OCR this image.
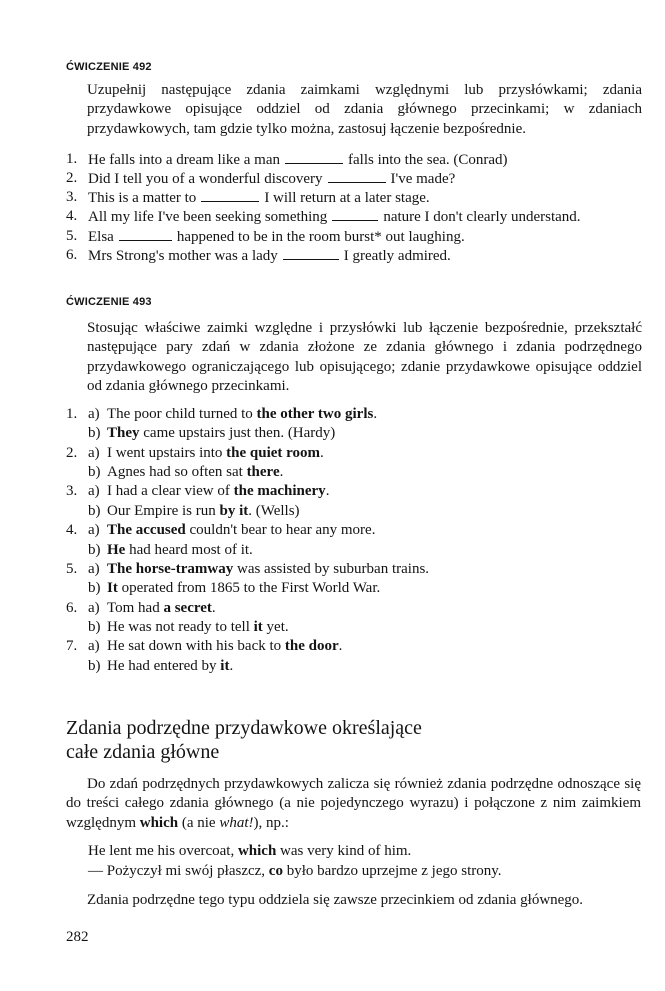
ĆWICZENIE 492
Uzupełnij następujące zdania zaimkami względnymi lub przysłówkami; zdania przydawkowe opisujące oddziel od zdania głównego przecinkami; w zdaniach przydawkowych, tam gdzie tylko można, zastosuj łączenie bezpośrednie.
1. He falls into a dream like a man	falls into the sea. (Conrad)
2. Did I tell you of a wonderful discovery	I've made?
3. This is a matter to	I will return at a later stage.
4. All my life I've been seeking something	nature I don't clearly understand.
5. Elsa	happened to be in the room burst* out laughing.
6. Mrs Strong's mother was a lady	I greatly admired.
ĆWICZENIE 493
Stosując właściwe zaimki względne i przysłówki lub łączenie bezpośrednie, przekształć następujące pary zdań w zdania złożone ze zdania głównego i zdania podrzędnego przydawkowego ograniczającego lub opisującego; zdanie przydawkowe opisujące oddziel od zdania głównego przecinkami.
1. a) The poor child turned to the other two girls.
b) They came upstairs just then. (Hardy)
2. a) I went upstairs into the quiet room.
b) Agnes had so often sat there.
3. a) I had a clear view of the machinery.
b) Our Empire is run by it. (Wells)
4. a) The accused couldn't bear to hear any more.
b) He had heard most of it.
5. a) The horse-tramway was assisted by suburban trains.
b) It operated from 1865 to the First World War.
6. a) Tom had a secret.
b) He was not ready to tell it yet.
7. a) He sat down with his back to the door.
b) He had entered by it.
Zdania podrzędne przydawkowe określające
całe zdania główne
Do zdań podrzędnych przydawkowych zalicza się również zdania podrzędne odnoszące się do treści całego zdania głównego (a nie pojedynczego wyrazu) i połączone z nim zaimkiem względnym which (a nie what!), np.:
He lent me his overcoat, which was very kind of him.
— Pożyczył mi swój płaszcz, co było bardzo uprzejme z jego strony.
Zdania podrzędne tego typu oddziela się zawsze przecinkiem od zdania głównego.
282
